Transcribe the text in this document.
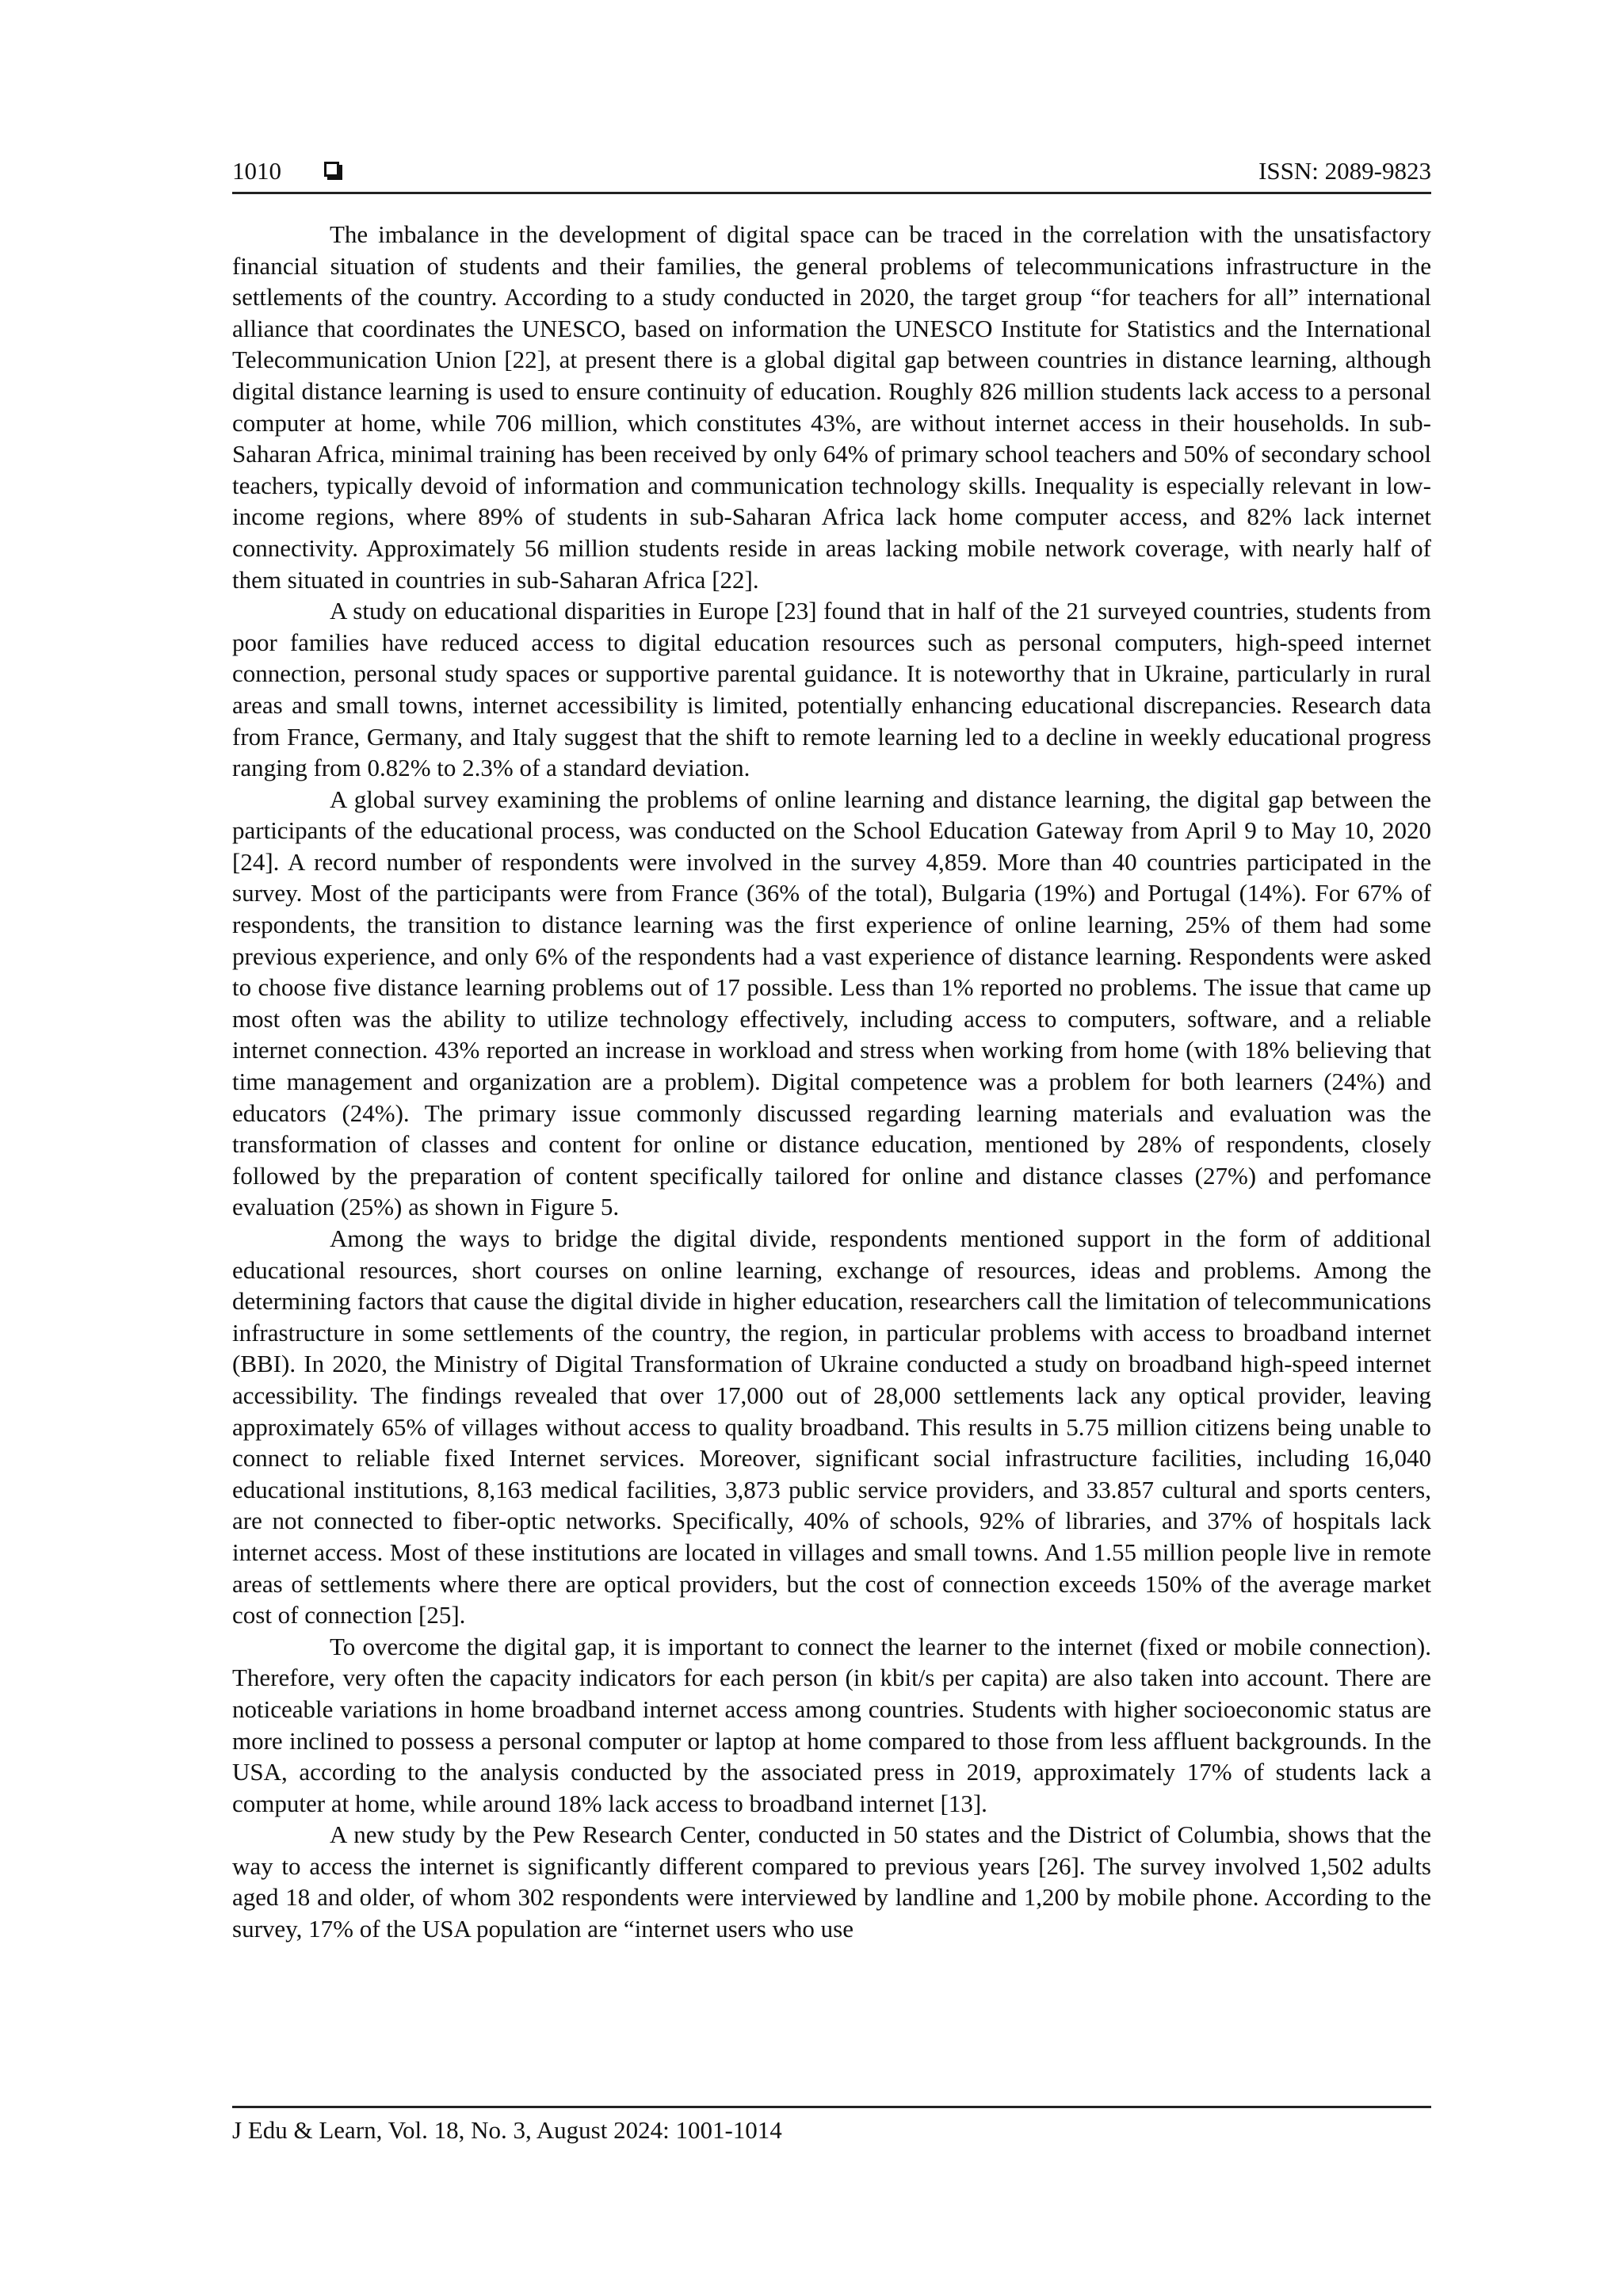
1010	ISSN: 2089-9823

The imbalance in the development of digital space can be traced in the correlation with the unsatisfactory financial situation of students and their families, the general problems of telecommunications infrastructure in the settlements of the country. According to a study conducted in 2020, the target group “for teachers for all” international alliance that coordinates the UNESCO, based on information the UNESCO Institute for Statistics and the International Telecommunication Union [22], at present there is a global digital gap between countries in distance learning, although digital distance learning is used to ensure continuity of education. Roughly 826 million students lack access to a personal computer at home, while 706 million, which constitutes 43%, are without internet access in their households. In sub-Saharan Africa, minimal training has been received by only 64% of primary school teachers and 50% of secondary school teachers, typically devoid of information and communication technology skills. Inequality is especially relevant in low-income regions, where 89% of students in sub-Saharan Africa lack home computer access, and 82% lack internet connectivity. Approximately 56 million students reside in areas lacking mobile network coverage, with nearly half of them situated in countries in sub-Saharan Africa [22].

A study on educational disparities in Europe [23] found that in half of the 21 surveyed countries, students from poor families have reduced access to digital education resources such as personal computers, high-speed internet connection, personal study spaces or supportive parental guidance. It is noteworthy that in Ukraine, particularly in rural areas and small towns, internet accessibility is limited, potentially enhancing educational discrepancies. Research data from France, Germany, and Italy suggest that the shift to remote learning led to a decline in weekly educational progress ranging from 0.82% to 2.3% of a standard deviation.

A global survey examining the problems of online learning and distance learning, the digital gap between the participants of the educational process, was conducted on the School Education Gateway from April 9 to May 10, 2020 [24]. A record number of respondents were involved in the survey 4,859. More than 40 countries participated in the survey. Most of the participants were from France (36% of the total), Bulgaria (19%) and Portugal (14%). For 67% of respondents, the transition to distance learning was the first experience of online learning, 25% of them had some previous experience, and only 6% of the respondents had a vast experience of distance learning. Respondents were asked to choose five distance learning problems out of 17 possible. Less than 1% reported no problems. The issue that came up most often was the ability to utilize technology effectively, including access to computers, software, and a reliable internet connection. 43% reported an increase in workload and stress when working from home (with 18% believing that time management and organization are a problem). Digital competence was a problem for both learners (24%) and educators (24%). The primary issue commonly discussed regarding learning materials and evaluation was the transformation of classes and content for online or distance education, mentioned by 28% of respondents, closely followed by the preparation of content specifically tailored for online and distance classes (27%) and perfomance evaluation (25%) as shown in Figure 5.

Among the ways to bridge the digital divide, respondents mentioned support in the form of additional educational resources, short courses on online learning, exchange of resources, ideas and problems. Among the determining factors that cause the digital divide in higher education, researchers call the limitation of telecommunications infrastructure in some settlements of the country, the region, in particular problems with access to broadband internet (BBI). In 2020, the Ministry of Digital Transformation of Ukraine conducted a study on broadband high-speed internet accessibility. The findings revealed that over 17,000 out of 28,000 settlements lack any optical provider, leaving approximately 65% of villages without access to quality broadband. This results in 5.75 million citizens being unable to connect to reliable fixed Internet services. Moreover, significant social infrastructure facilities, including 16,040 educational institutions, 8,163 medical facilities, 3,873 public service providers, and 33.857 cultural and sports centers, are not connected to fiber-optic networks. Specifically, 40% of schools, 92% of libraries, and 37% of hospitals lack internet access. Most of these institutions are located in villages and small towns. And 1.55 million people live in remote areas of settlements where there are optical providers, but the cost of connection exceeds 150% of the average market cost of connection [25].

To overcome the digital gap, it is important to connect the learner to the internet (fixed or mobile connection). Therefore, very often the capacity indicators for each person (in kbit/s per capita) are also taken into account. There are noticeable variations in home broadband internet access among countries. Students with higher socioeconomic status are more inclined to possess a personal computer or laptop at home compared to those from less affluent backgrounds. In the USA, according to the analysis conducted by the associated press in 2019, approximately 17% of students lack a computer at home, while around 18% lack access to broadband internet [13].

A new study by the Pew Research Center, conducted in 50 states and the District of Columbia, shows that the way to access the internet is significantly different compared to previous years [26]. The survey involved 1,502 adults aged 18 and older, of whom 302 respondents were interviewed by landline and 1,200 by mobile phone. According to the survey, 17% of the USA population are “internet users who use

J Edu & Learn, Vol. 18, No. 3, August 2024: 1001-1014
